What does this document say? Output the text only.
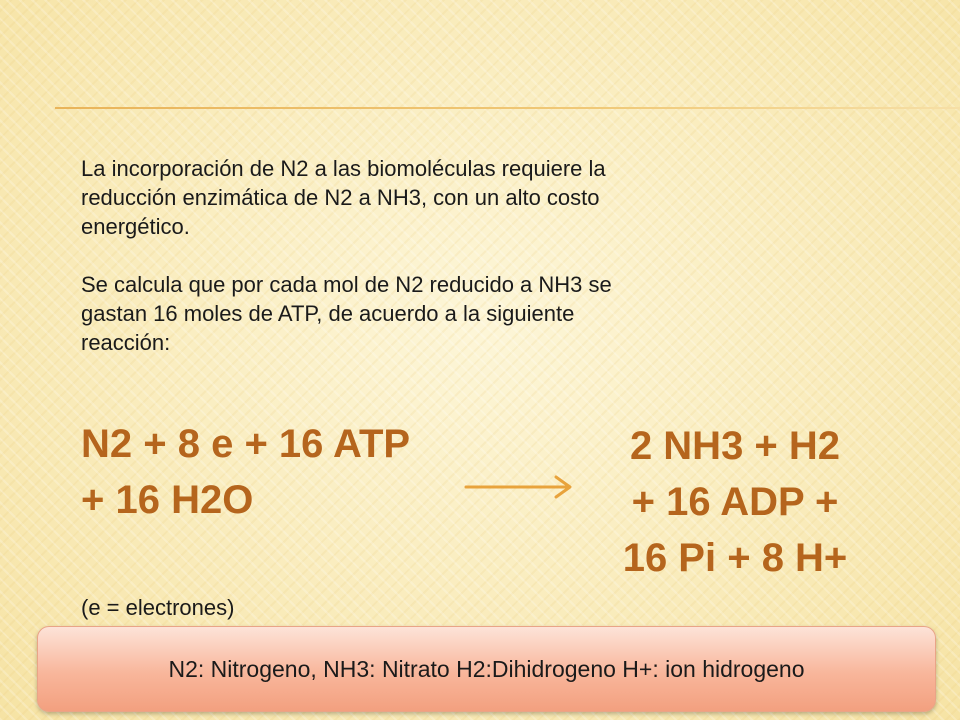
La incorporación de N2 a las biomoléculas requiere la
reducción enzimática de N2 a NH3, con un alto costo
energético.

Se calcula que por cada mol de N2 reducido a NH3 se
gastan 16 moles de ATP, de acuerdo a la siguiente
reacción:

N2 + 8 e + 16 ATP
+ 16 H2O
2 NH3 + H2
+ 16 ADP +
16 Pi + 8 H+
(e = electrones)
N2: Nitrogeno, NH3: Nitrato H2:Dihidrogeno H+: ion hidrogeno
